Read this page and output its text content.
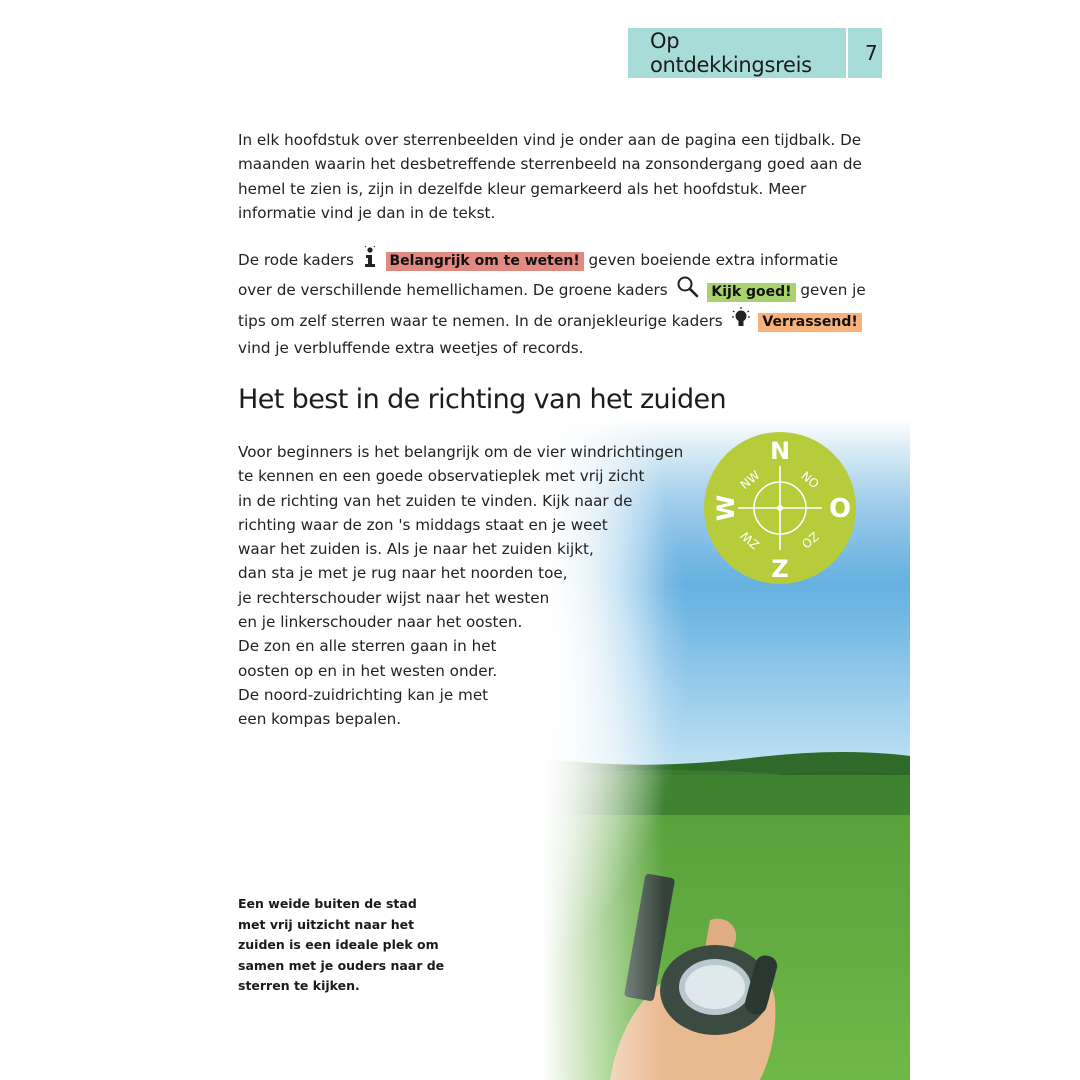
Op ontdekkingsreis	7

In elk hoofdstuk over sterrenbeelden vind je onder aan de pagina een tijdbalk. De maanden waarin het desbetreffende sterrenbeeld na zonsondergang goed aan de hemel te zien is, zijn in dezelfde kleur gemarkeerd als het hoofdstuk. Meer informatie vind je dan in de tekst.

De rode kaders	Belangrijk om te weten! geven boeiende extra informatie over de verschillende hemellichamen. De groene kaders	Kijk goed! geven je tips om zelf sterren waar te nemen. In de oranjekleurige kaders	Verrassend! vind je verbluffende extra weetjes of records.

Het best in de richting van het zuiden
N
Z
W	O
NW	NO
ZW	ZO

Voor beginners is het belangrijk om de vier windrichtingen
te kennen en een goede observatieplek met vrij zicht
in de richting van het zuiden te vinden. Kijk naar de
richting waar de zon 's middags staat en je weet
waar het zuiden is. Als je naar het zuiden kijkt,
dan sta je met je rug naar het noorden toe,
je rechterschouder wijst naar het westen
en je linkerschouder naar het oosten.
De zon en alle sterren gaan in het
oosten op en in het westen onder.
De noord-zuidrichting kan je met
een kompas bepalen.

Een weide buiten de stad
met vrij uitzicht naar het
zuiden is een ideale plek om
samen met je ouders naar de
sterren te kijken.
